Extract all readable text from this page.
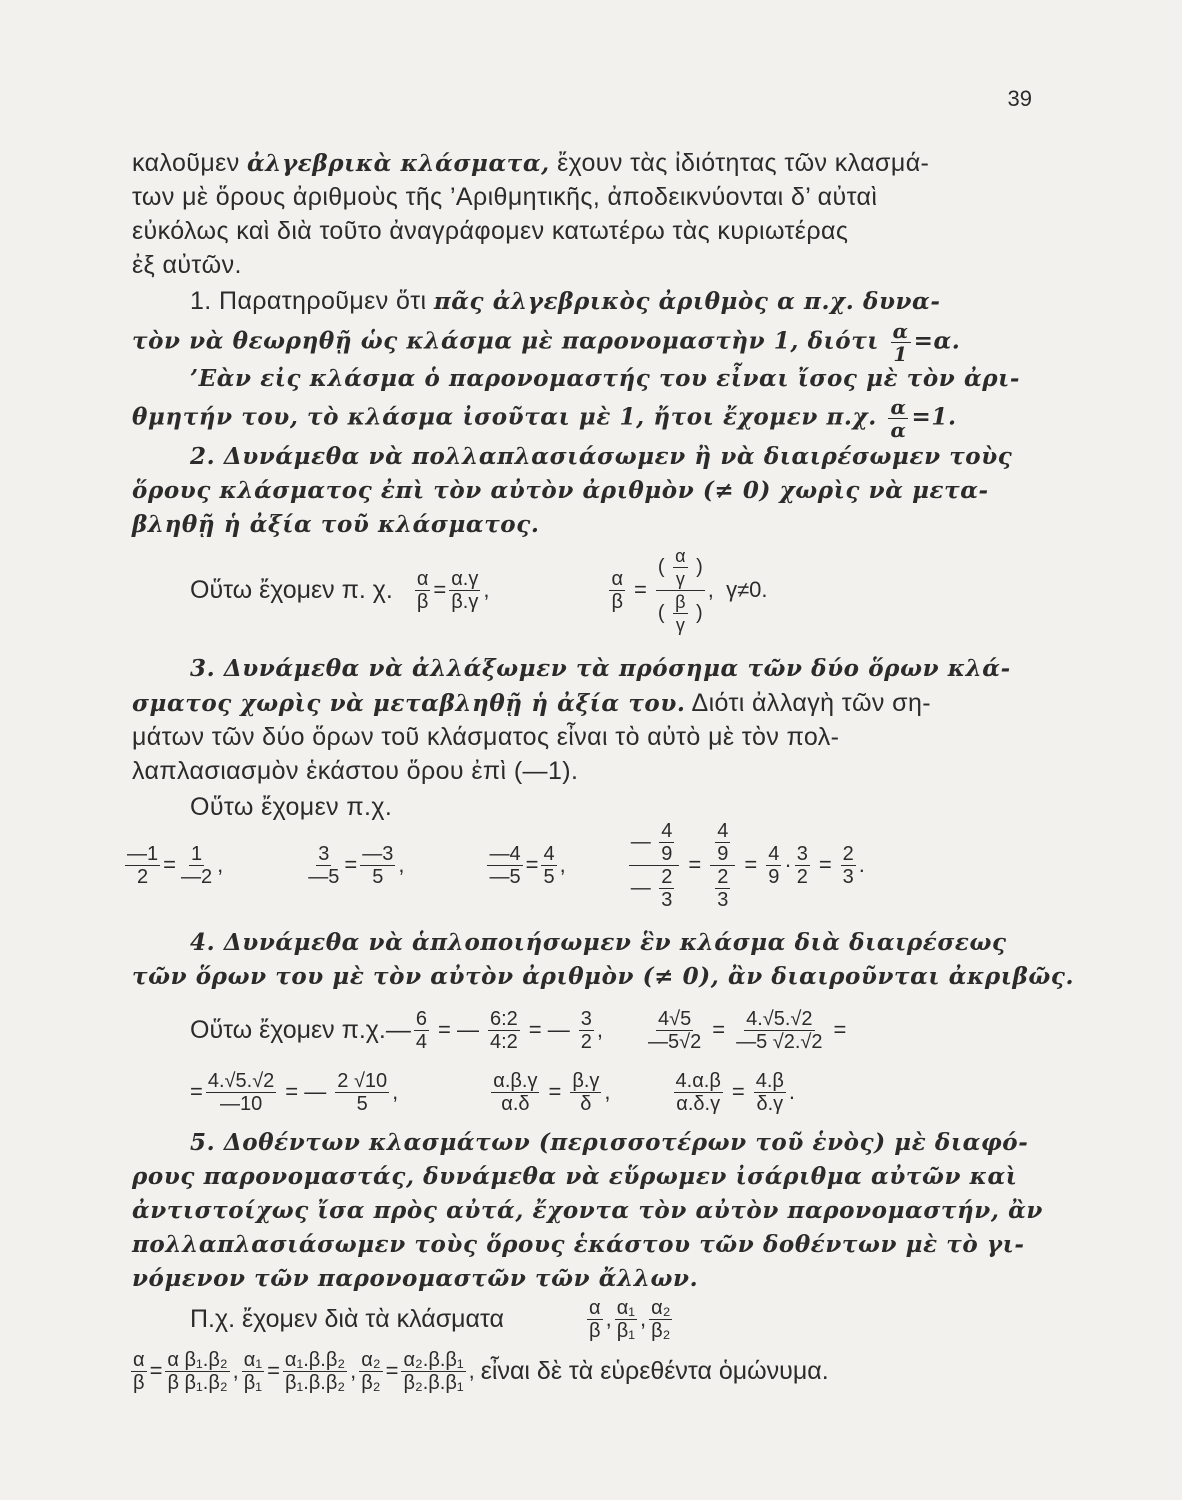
39
καλοῦμεν ἀλγεβρικὰ κλάσματα, ἔχουν τὰς ἰδιότητας τῶν κλασμά-
των μὲ ὅρους ἀριθμοὺς τῆς ’Αριθμητικῆς, ἀποδεικνύονται δ’ αὐταὶ
εὐκόλως καὶ διὰ τοῦτο ἀναγράφομεν κατωτέρω τὰς κυριωτέρας
ἐξ αὐτῶν.
1. Παρατηροῦμεν ὅτι πᾶς ἀλγεβρικὸς ἀριθμὸς α π.χ. δυνα-
τὸν νὰ θεωρηθῇ ὡς κλάσμα μὲ παρονομαστὴν 1, διότι $\frac{\alpha}{1} =\alpha$.
’Εὰν εἰς κλάσμα ὁ παρονομαστής του εἶναι ἴσος μὲ τὸν ἀρι-
θμητήν του, τὸ κλάσμα ἰσοῦται μὲ 1, ἤτοι ἔχομεν π.χ. $\frac{\alpha}{\alpha} =1$.
2. Δυνάμεθα νὰ πολλαπλασιάσωμεν ἢ νὰ διαιρέσωμεν τοὺς
ὅρους κλάσματος ἐπὶ τὸν αὐτὸν ἀριθμὸν (≠ 0) χωρὶς νὰ μετα-
βληθῇ ἡ ἀξία τοῦ κλάσματος.
Οὕτω ἔχομεν π. χ. $\frac{\alpha}{\beta} = \frac{\alpha.\gamma}{\beta.\gamma}$ ,	$\frac{\alpha}{\beta} = \frac{( \frac{\alpha}{\gamma} )}{( \frac{\beta}{\gamma} )}$ , γ≠0.
3. Δυνάμεθα νὰ ἀλλάξωμεν τὰ πρόσημα τῶν δύο ὅρων κλά-
σματος χωρὶς νὰ μεταβληθῇ ἡ ἀξία του. Διότι ἀλλαγὴ τῶν ση-
μάτων τῶν δύο ὅρων τοῦ κλάσματος εἶναι τὸ αὐτὸ μὲ τὸν πολ-
λαπλασιασμὸν ἑκάστου ὅρου ἐπὶ (—1).
Οὕτω ἔχομεν π.χ.
$\frac{—1}{2} = \frac{1}{—2}$ ,	$\frac{3}{—5} = \frac{—3}{5}$ ,	$\frac{—4}{—5} = \frac{4}{5}$ ,	$\frac{— \frac{4}{9}}{— \frac{2}{3}} = \frac{\frac{4}{9}}{\frac{2}{3}} = \frac{4}{9} \cdot \frac{3}{2} = \frac{2}{3}$ .
4. Δυνάμεθα νὰ ἁπλοποιήσωμεν ἓν κλάσμα διὰ διαιρέσεως
τῶν ὅρων του μὲ τὸν αὐτὸν ἀριθμὸν (≠ 0), ἂν διαιροῦνται ἀκριβῶς.
Οὕτω ἔχομεν π.χ.— $\frac{6}{4}$ = — $\frac{6:2}{4:2}$ = — $\frac{3}{2}$ , $\frac{4√5}{—5√2} = \frac{4.√5.√2}{—5 √2.√2}$ =
= $\frac{4.√5.√2}{—10}$ = — $\frac{2 √10}{5}$ ,	$\frac{\alpha.\beta.\gamma}{\alpha.\delta} = \frac{\beta.\gamma}{\delta}$ ,	$\frac{4.\alpha.\beta}{\alpha.\delta.\gamma} = \frac{4.\beta}{\delta.\gamma}$ .
5. Δοθέντων κλασμάτων (περισσοτέρων τοῦ ἑνὸς) μὲ διαφό-
ρους παρονομαστάς, δυνάμεθα νὰ εὕρωμεν ἰσάριθμα αὐτῶν καὶ
ἀντιστοίχως ἴσα πρὸς αὐτά, ἔχοντα τὸν αὐτὸν παρονομαστήν, ἂν
πολλαπλασιάσωμεν τοὺς ὅρους ἑκάστου τῶν δοθέντων μὲ τὸ γι-
νόμενον τῶν παρονομαστῶν τῶν ἄλλων.
Π.χ. ἔχομεν διὰ τὰ κλάσματα	$\frac{\alpha}{\beta}$ , $\frac{\text{α₁}}{\text{β₁}}$ , $\frac{\text{α₂}}{\text{β₂}}$
$\frac{\alpha}{\beta} = \frac{\text{α β₁.β₂}}{\text{β β₁.β₂}}$ , $\frac{\text{α₁}}{\text{β₁}} = \frac{\text{α₁.β.β₂}}{\text{β₁.β.β₂}}$ , $\frac{\text{α₂}}{\text{β₂}} = \frac{\text{α₂.β.β₁}}{\text{β₂.β.β₁}}$ , εἶναι δὲ τὰ εὑρεθέντα ὁμώνυμα.
